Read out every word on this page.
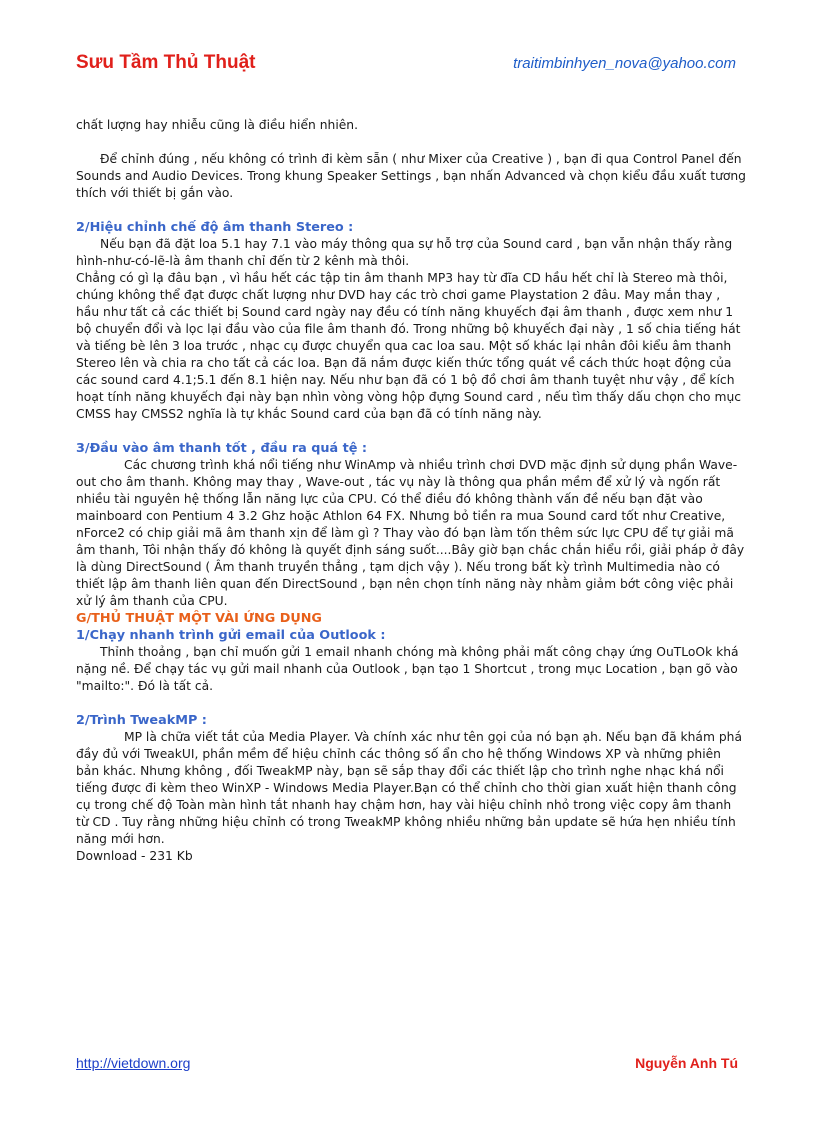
Sưu Tầm Thủ Thuật	traitimbinhyen_nova@yahoo.com

chất lượng hay nhiễu cũng là điều hiển nhiên.

Để chỉnh đúng , nếu không có trình đi kèm sẵn ( như Mixer của Creative ) , bạn đi qua Control Panel đến Sounds and Audio Devices. Trong khung Speaker Settings , bạn nhấn Advanced và chọn kiểu đầu xuất tương thích với thiết bị gắn vào.

2/Hiệu chỉnh chế độ âm thanh Stereo :

Nếu bạn đã đặt loa 5.1 hay 7.1 vào máy thông qua sự hỗ trợ của Sound card , bạn vẫn nhận thấy rằng hình-như-có-lẽ-là âm thanh chỉ đến từ 2 kênh mà thôi.

Chẳng có gì lạ đâu bạn , vì hầu hết các tập tin âm thanh MP3 hay từ đĩa CD hầu hết chỉ là Stereo mà thôi, chúng không thể đạt được chất lượng như DVD hay các trò chơi game Playstation 2 đâu. May mắn thay , hầu như tất cả các thiết bị Sound card ngày nay đều có tính năng khuyếch đại âm thanh , được xem như 1 bộ chuyển đổi và lọc lại đầu vào của file âm thanh đó. Trong những bộ khuyếch đại này , 1 số chia tiếng hát và tiếng bè lên 3 loa trước , nhạc cụ được chuyển qua cac loa sau. Một số khác lại nhân đôi kiểu âm thanh Stereo lên và chia ra cho tất cả các loa. Bạn đã nắm được kiến thức tổng quát về cách thức hoạt động của các sound card 4.1;5.1 đến 8.1 hiện nay. Nếu như bạn đã có 1 bộ đồ chơi âm thanh tuyệt như vậy , để kích hoạt tính năng khuyếch đại này bạn nhìn vòng vòng hộp đựng Sound card , nếu tìm thấy dấu chọn cho mục CMSS hay CMSS2 nghĩa là tự khắc Sound card của bạn đã có tính năng này.

3/Đầu vào âm thanh tốt , đầu ra quá tệ :

Các chương trình khá nổi tiếng như WinAmp và nhiều trình chơi DVD mặc định sử dụng phần Wave-out cho âm thanh. Không may thay , Wave-out , tác vụ này là thông qua phần mềm để xử lý và ngốn rất nhiều tài nguyên hệ thống lẫn năng lực của CPU. Có thể điều đó không thành vấn đề nếu bạn đặt vào mainboard con Pentium 4 3.2 Ghz hoặc Athlon 64 FX. Nhưng bỏ tiền ra mua Sound card tốt như Creative, nForce2 có chip giải mã âm thanh xịn để làm gì ? Thay vào đó bạn làm tốn thêm sức lực CPU để tự giải mã âm thanh, Tôi nhận thấy đó không là quyết định sáng suốt....Bây giờ bạn chắc chắn hiểu rồi, giải pháp ở đây là dùng DirectSound ( Âm thanh truyền thẳng , tạm dịch vậy ). Nếu trong bất kỳ trình Multimedia nào có thiết lập âm thanh liên quan đến DirectSound , bạn nên chọn tính năng này nhằm giảm bớt công việc phải xử lý âm thanh của CPU.

G/THỦ THUẬT MỘT VÀI ỨNG DỤNG

1/Chạy nhanh trình gửi email của Outlook :

Thỉnh thoảng , bạn chỉ muốn gửi 1 email nhanh chóng mà không phải mất công chạy ứng OuTLoOk khá nặng nề. Để chạy tác vụ gửi mail nhanh của Outlook , bạn tạo 1 Shortcut , trong mục Location , bạn gõ vào "mailto:". Đó là tất cả.

2/Trình TweakMP :

MP là chữa viết tắt của Media Player. Và chính xác như tên gọi của nó bạn ạh. Nếu bạn đã khám phá đầy đủ với TweakUI, phần mềm để hiệu chỉnh các thông số ẩn cho hệ thống Windows XP và những phiên bản khác. Nhưng không , đối TweakMP này, bạn sẽ sắp thay đổi các thiết lập cho trình nghe nhạc khá nổi tiếng được đi kèm theo WinXP - Windows Media Player.Bạn có thể chỉnh cho thời gian xuất hiện thanh công cụ trong chế độ Toàn màn hình tắt nhanh hay chậm hơn, hay vài hiệu chỉnh nhỏ trong việc copy âm thanh từ CD . Tuy rằng những hiệu chỉnh có trong TweakMP không nhiều những bản update sẽ hứa hẹn nhiều tính năng mới hơn.

Download - 231 Kb

http://vietdown.org	Nguyễn Anh Tú
